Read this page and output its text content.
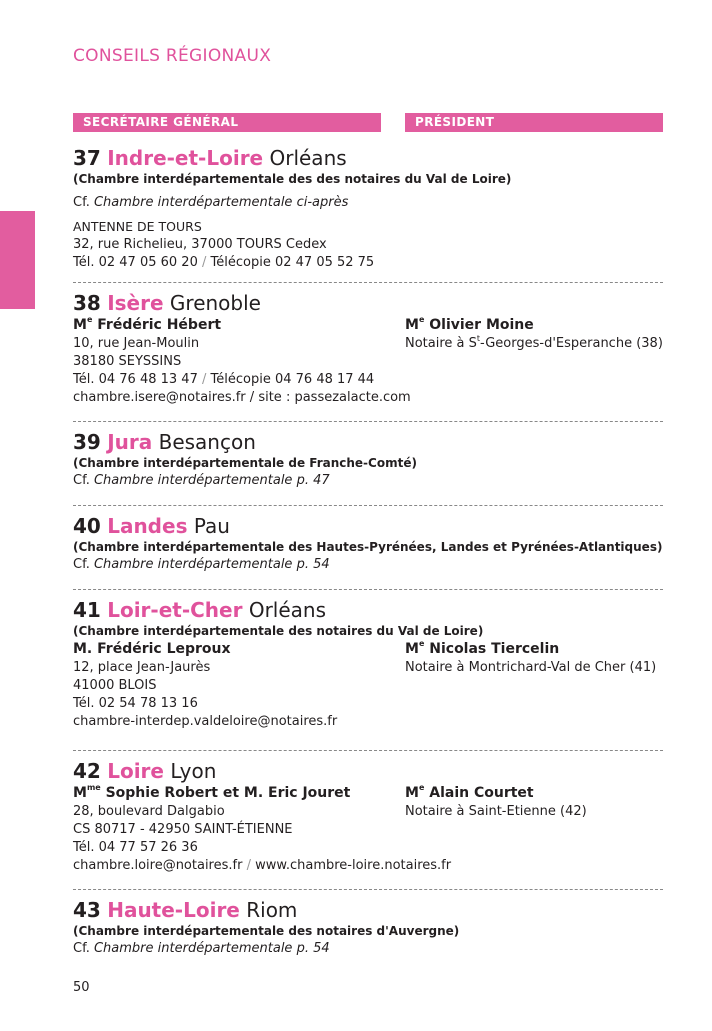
CONSEILS RÉGIONAUX
SECRÉTAIRE GÉNÉRAL	PRÉSIDENT
37 Indre-et-Loire Orléans
(Chambre interdépartementale des des notaires du Val de Loire)
Cf. Chambre interdépartementale ci-après
ANTENNE DE TOURS
32, rue Richelieu, 37000 TOURS Cedex
Tél. 02 47 05 60 20 / Télécopie 02 47 05 52 75
38 Isère Grenoble
Me Frédéric Hébert
10, rue Jean-Moulin
38180 SEYSSINS
Tél. 04 76 48 13 47 / Télécopie 04 76 48 17 44
chambre.isere@notaires.fr / site : passezalacte.com
Me Olivier Moine
Notaire à $S^t-Georges-d'Esperanche$ (38)
39 Jura Besançon
(Chambre interdépartementale de Franche-Comté)
Cf. Chambre interdépartementale p. 47
40 Landes Pau
(Chambre interdépartementale des Hautes-Pyrénées, Landes et Pyrénées-Atlantiques)
Cf. Chambre interdépartementale p. 54
41 Loir-et-Cher Orléans
(Chambre interdépartementale des notaires du Val de Loire)
M. Frédéric Leproux
12, place Jean-Jaurès
41000 BLOIS
Tél. 02 54 78 13 16
chambre-interdep.valdeloire@notaires.fr
Me Nicolas Tiercelin
Notaire à Montrichard-Val de Cher (41)
42 Loire Lyon
$M^{me}$ Sophie Robert et M. Eric Jouret
28, boulevard Dalgabio
CS 80717 - 42950 SAINT-ÉTIENNE
Tél. 04 77 57 26 36
chambre.loire@notaires.fr / www.chambre-loire.notaires.fr
Me Alain Courtet
Notaire à Saint-Etienne (42)
43 Haute-Loire Riom
(Chambre interdépartementale des notaires d'Auvergne)
Cf. Chambre interdépartementale p. 54
50
